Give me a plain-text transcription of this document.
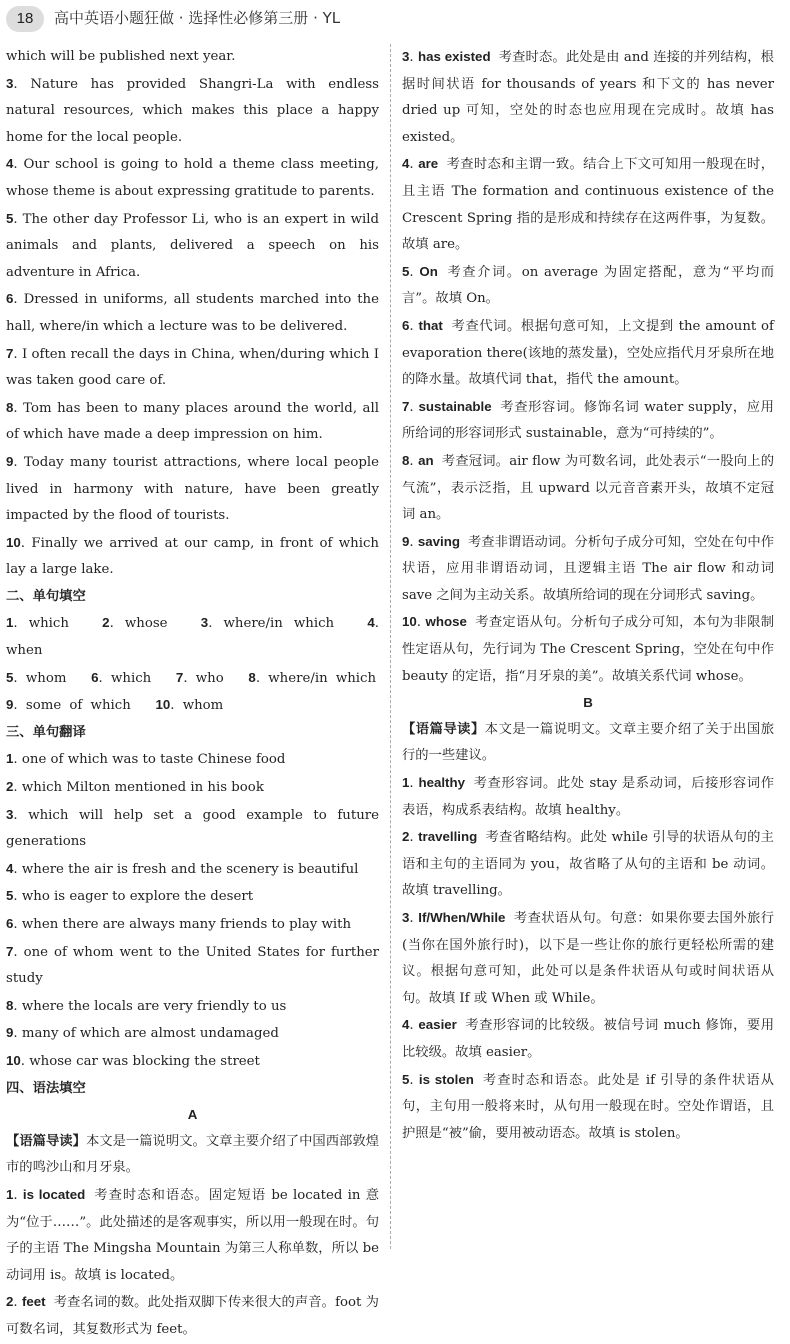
18	高中英语小题狂做 · 选择性必修第三册 · YL

which will be published next year.

3. Nature has provided Shangri-La with endless natural resources, which makes this place a happy home for the local people.

4. Our school is going to hold a theme class meeting, whose theme is about expressing gratitude to parents.

5. The other day Professor Li, who is an expert in wild animals and plants, delivered a speech on his adventure in Africa.

6. Dressed in uniforms, all students marched into the hall, where/in which a lecture was to be delivered.

7. I often recall the days in China, when/during which I was taken good care of.

8. Tom has been to many places around the world, all of which have made a deep impression on him.

9. Today many tourist attractions, where local people lived in harmony with nature, have been greatly impacted by the flood of tourists.

10. Finally we arrived at our camp, in front of which lay a large lake.

二、单句填空

1. which 2. whose 3. where/in which 4. when

5. whom 6. which 7. who 8. where/in which

9. some of which 10. whom

三、单句翻译

1. one of which was to taste Chinese food

2. which Milton mentioned in his book

3. which will help set a good example to future generations

4. where the air is fresh and the scenery is beautiful

5. who is eager to explore the desert

6. when there are always many friends to play with

7. one of whom went to the United States for further study

8. where the locals are very friendly to us

9. many of which are almost undamaged

10. whose car was blocking the street

四、语法填空

A

【语篇导读】本文是一篇说明文。文章主要介绍了中国西部敦煌市的鸣沙山和月牙泉。

1. is located 考查时态和语态。固定短语 be located in 意为“位于……”。此处描述的是客观事实，所以用一般现在时。句子的主语 The Mingsha Mountain 为第三人称单数，所以 be 动词用 is。故填 is located。

2. feet 考查名词的数。此处指双脚下传来很大的声音。foot 为可数名词，其复数形式为 feet。

3. has existed 考查时态。此处是由 and 连接的并列结构，根据时间状语 for thousands of years 和下文的 has never dried up 可知，空处的时态也应用现在完成时。故填 has existed。

4. are 考查时态和主谓一致。结合上下文可知用一般现在时，且主语 The formation and continuous existence of the Crescent Spring 指的是形成和持续存在这两件事，为复数。故填 are。

5. On 考查介词。on average 为固定搭配，意为“平均而言”。故填 On。

6. that 考查代词。根据句意可知，上文提到 the amount of evaporation there(该地的蒸发量)，空处应指代月牙泉所在地的降水量。故填代词 that，指代 the amount。

7. sustainable 考查形容词。修饰名词 water supply，应用所给词的形容词形式 sustainable，意为“可持续的”。

8. an 考查冠词。air flow 为可数名词，此处表示“一股向上的气流”，表示泛指，且 upward 以元音音素开头，故填不定冠词 an。

9. saving 考查非谓语动词。分析句子成分可知，空处在句中作状语，应用非谓语动词，且逻辑主语 The air flow 和动词 save 之间为主动关系。故填所给词的现在分词形式 saving。

10. whose 考查定语从句。分析句子成分可知，本句为非限制性定语从句，先行词为 The Crescent Spring，空处在句中作 beauty 的定语，指“月牙泉的美”。故填关系代词 whose。

B

【语篇导读】本文是一篇说明文。文章主要介绍了关于出国旅行的一些建议。

1. healthy 考查形容词。此处 stay 是系动词，后接形容词作表语，构成系表结构。故填 healthy。

2. travelling 考查省略结构。此处 while 引导的状语从句的主语和主句的主语同为 you，故省略了从句的主语和 be 动词。故填 travelling。

3. If/When/While 考查状语从句。句意：如果你要去国外旅行(当你在国外旅行时)，以下是一些让你的旅行更轻松所需的建议。根据句意可知，此处可以是条件状语从句或时间状语从句。故填 If 或 When 或 While。

4. easier 考查形容词的比较级。被信号词 much 修饰，要用比较级。故填 easier。

5. is stolen 考查时态和语态。此处是 if 引导的条件状语从句，主句用一般将来时，从句用一般现在时。空处作谓语，且护照是“被”偷，要用被动语态。故填 is stolen。
